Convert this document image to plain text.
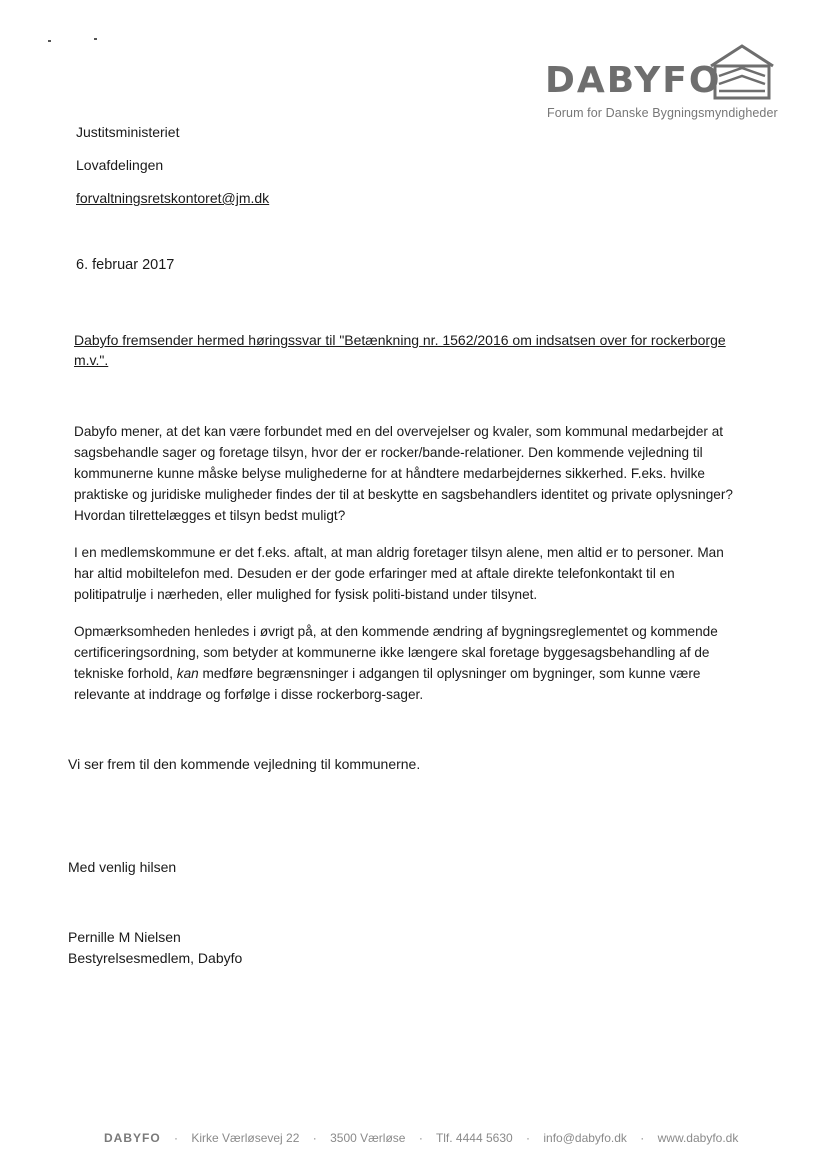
DABYFO
Forum for Danske Bygningsmyndigheder
Justitsministeriet
Lovafdelingen
forvaltningsretskontoret@jm.dk
6. februar 2017
Dabyfo fremsender hermed høringssvar til "Betænkning nr. 1562/2016 om indsatsen over for rockerborge m.v.".

Dabyfo mener, at det kan være forbundet med en del overvejelser og kvaler, som kommunal medarbejder at sagsbehandle sager og foretage tilsyn, hvor der er rocker/bande-relationer. Den kommende vejledning til kommunerne kunne måske belyse mulighederne for at håndtere medarbejdernes sikkerhed. F.eks. hvilke praktiske og juridiske muligheder findes der til at beskytte en sagsbehandlers identitet og private oplysninger? Hvordan tilrettelægges et tilsyn bedst muligt?

I en medlemskommune er det f.eks. aftalt, at man aldrig foretager tilsyn alene, men altid er to personer. Man har altid mobiltelefon med. Desuden er der gode erfaringer med at aftale direkte telefonkontakt til en politipatrulje i nærheden, eller mulighed for fysisk politi-bistand under tilsynet.

Opmærksomheden henledes i øvrigt på, at den kommende ændring af bygningsreglementet og kommende certificeringsordning, som betyder at kommunerne ikke længere skal foretage byggesagsbehandling af de tekniske forhold, kan medføre begrænsninger i adgangen til oplysninger om bygninger, som kunne være relevante at inddrage og forfølge i disse rockerborg-sager.

Vi ser frem til den kommende vejledning til kommunerne.
Med venlig hilsen
Pernille M Nielsen
Bestyrelsesmedlem, Dabyfo
DABYFO · Kirke Værløsevej 22 · 3500 Værløse · Tlf. 4444 5630 · info@dabyfo.dk · www.dabyfo.dk
